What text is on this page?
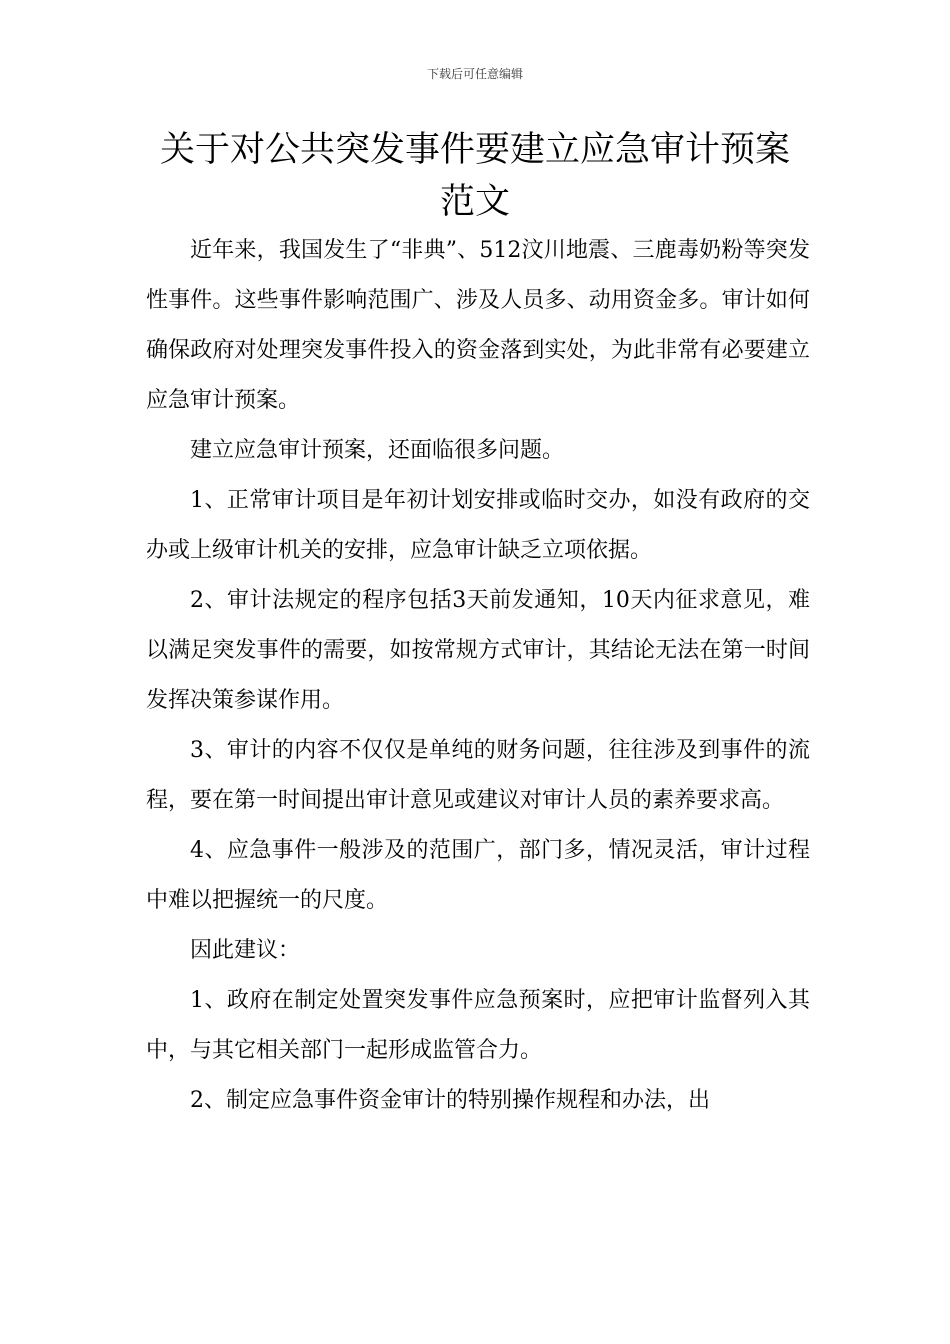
下载后可任意编辑
关于对公共突发事件要建立应急审计预案
范文

近年来，我国发生了“非典”、512汶川地震、三鹿毒奶粉等突发性事件。这些事件影响范围广、涉及人员多、动用资金多。审计如何确保政府对处理突发事件投入的资金落到实处，为此非常有必要建立应急审计预案。

建立应急审计预案，还面临很多问题。

1、正常审计项目是年初计划安排或临时交办，如没有政府的交办或上级审计机关的安排，应急审计缺乏立项依据。

2、审计法规定的程序包括3天前发通知，10天内征求意见，难以满足突发事件的需要，如按常规方式审计，其结论无法在第一时间发挥决策参谋作用。

3、审计的内容不仅仅是单纯的财务问题，往往涉及到事件的流程，要在第一时间提出审计意见或建议对审计人员的素养要求高。

4、应急事件一般涉及的范围广，部门多，情况灵活，审计过程中难以把握统一的尺度。

因此建议：

1、政府在制定处置突发事件应急预案时，应把审计监督列入其中，与其它相关部门一起形成监管合力。

2、制定应急事件资金审计的特别操作规程和办法，出
